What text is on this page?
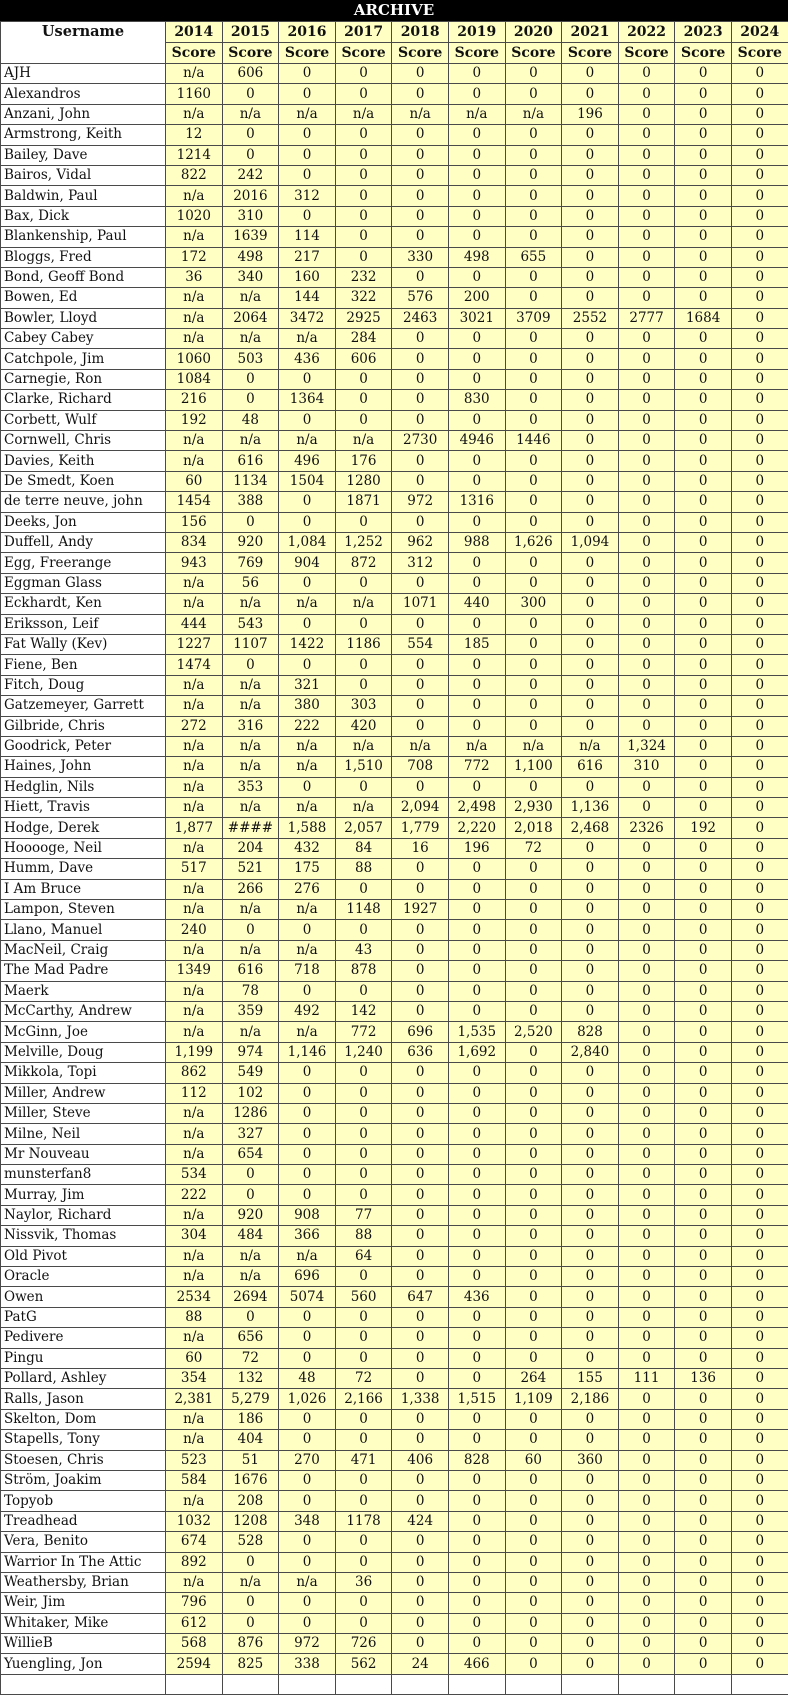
ARCHIVE
Username	2014	2015	2016	2017	2018	2019	2020	2021	2022	2023	2024
	Score	Score	Score	Score	Score	Score	Score	Score	Score	Score	Score
AJH	n/a	606	0	0	0	0	0	0	0	0	0
Alexandros	1160	0	0	0	0	0	0	0	0	0	0
Anzani, John	n/a	n/a	n/a	n/a	n/a	n/a	n/a	196	0	0	0
Armstrong, Keith	12	0	0	0	0	0	0	0	0	0	0
Bailey, Dave	1214	0	0	0	0	0	0	0	0	0	0
Bairos, Vidal	822	242	0	0	0	0	0	0	0	0	0
Baldwin, Paul	n/a	2016	312	0	0	0	0	0	0	0	0
Bax, Dick	1020	310	0	0	0	0	0	0	0	0	0
Blankenship, Paul	n/a	1639	114	0	0	0	0	0	0	0	0
Bloggs, Fred	172	498	217	0	330	498	655	0	0	0	0
Bond, Geoff Bond	36	340	160	232	0	0	0	0	0	0	0
Bowen, Ed	n/a	n/a	144	322	576	200	0	0	0	0	0
Bowler, Lloyd	n/a	2064	3472	2925	2463	3021	3709	2552	2777	1684	0
Cabey Cabey	n/a	n/a	n/a	284	0	0	0	0	0	0	0
Catchpole, Jim	1060	503	436	606	0	0	0	0	0	0	0
Carnegie, Ron	1084	0	0	0	0	0	0	0	0	0	0
Clarke, Richard	216	0	1364	0	0	830	0	0	0	0	0
Corbett, Wulf	192	48	0	0	0	0	0	0	0	0	0
Cornwell, Chris	n/a	n/a	n/a	n/a	2730	4946	1446	0	0	0	0
Davies, Keith	n/a	616	496	176	0	0	0	0	0	0	0
De Smedt, Koen	60	1134	1504	1280	0	0	0	0	0	0	0
de terre neuve, john	1454	388	0	1871	972	1316	0	0	0	0	0
Deeks, Jon	156	0	0	0	0	0	0	0	0	0	0
Duffell, Andy	834	920	1,084	1,252	962	988	1,626	1,094	0	0	0
Egg, Freerange	943	769	904	872	312	0	0	0	0	0	0
Eggman Glass	n/a	56	0	0	0	0	0	0	0	0	0
Eckhardt, Ken	n/a	n/a	n/a	n/a	1071	440	300	0	0	0	0
Eriksson, Leif	444	543	0	0	0	0	0	0	0	0	0
Fat Wally (Kev)	1227	1107	1422	1186	554	185	0	0	0	0	0
Fiene, Ben	1474	0	0	0	0	0	0	0	0	0	0
Fitch, Doug	n/a	n/a	321	0	0	0	0	0	0	0	0
Gatzemeyer, Garrett	n/a	n/a	380	303	0	0	0	0	0	0	0
Gilbride, Chris	272	316	222	420	0	0	0	0	0	0	0
Goodrick, Peter	n/a	n/a	n/a	n/a	n/a	n/a	n/a	n/a	1,324	0	0
Haines, John	n/a	n/a	n/a	1,510	708	772	1,100	616	310	0	0
Hedglin, Nils	n/a	353	0	0	0	0	0	0	0	0	0
Hiett, Travis	n/a	n/a	n/a	n/a	2,094	2,498	2,930	1,136	0	0	0
Hodge, Derek	1,877	####	1,588	2,057	1,779	2,220	2,018	2,468	2326	192	0
Hooooge, Neil	n/a	204	432	84	16	196	72	0	0	0	0
Humm, Dave	517	521	175	88	0	0	0	0	0	0	0
I Am Bruce	n/a	266	276	0	0	0	0	0	0	0	0
Lampon, Steven	n/a	n/a	n/a	1148	1927	0	0	0	0	0	0
Llano, Manuel	240	0	0	0	0	0	0	0	0	0	0
MacNeil, Craig	n/a	n/a	n/a	43	0	0	0	0	0	0	0
The Mad Padre	1349	616	718	878	0	0	0	0	0	0	0
Maerk	n/a	78	0	0	0	0	0	0	0	0	0
McCarthy, Andrew	n/a	359	492	142	0	0	0	0	0	0	0
McGinn, Joe	n/a	n/a	n/a	772	696	1,535	2,520	828	0	0	0
Melville, Doug	1,199	974	1,146	1,240	636	1,692	0	2,840	0	0	0
Mikkola, Topi	862	549	0	0	0	0	0	0	0	0	0
Miller, Andrew	112	102	0	0	0	0	0	0	0	0	0
Miller, Steve	n/a	1286	0	0	0	0	0	0	0	0	0
Milne, Neil	n/a	327	0	0	0	0	0	0	0	0	0
Mr Nouveau	n/a	654	0	0	0	0	0	0	0	0	0
munsterfan8	534	0	0	0	0	0	0	0	0	0	0
Murray, Jim	222	0	0	0	0	0	0	0	0	0	0
Naylor, Richard	n/a	920	908	77	0	0	0	0	0	0	0
Nissvik, Thomas	304	484	366	88	0	0	0	0	0	0	0
Old Pivot	n/a	n/a	n/a	64	0	0	0	0	0	0	0
Oracle	n/a	n/a	696	0	0	0	0	0	0	0	0
Owen	2534	2694	5074	560	647	436	0	0	0	0	0
PatG	88	0	0	0	0	0	0	0	0	0	0
Pedivere	n/a	656	0	0	0	0	0	0	0	0	0
Pingu	60	72	0	0	0	0	0	0	0	0	0
Pollard, Ashley	354	132	48	72	0	0	264	155	111	136	0
Ralls, Jason	2,381	5,279	1,026	2,166	1,338	1,515	1,109	2,186	0	0	0
Skelton, Dom	n/a	186	0	0	0	0	0	0	0	0	0
Stapells, Tony	n/a	404	0	0	0	0	0	0	0	0	0
Stoesen, Chris	523	51	270	471	406	828	60	360	0	0	0
Ström, Joakim	584	1676	0	0	0	0	0	0	0	0	0
Topyob	n/a	208	0	0	0	0	0	0	0	0	0
Treadhead	1032	1208	348	1178	424	0	0	0	0	0	0
Vera, Benito	674	528	0	0	0	0	0	0	0	0	0
Warrior In The Attic	892	0	0	0	0	0	0	0	0	0	0
Weathersby, Brian	n/a	n/a	n/a	36	0	0	0	0	0	0	0
Weir, Jim	796	0	0	0	0	0	0	0	0	0	0
Whitaker, Mike	612	0	0	0	0	0	0	0	0	0	0
WillieB	568	876	972	726	0	0	0	0	0	0	0
Yuengling, Jon	2594	825	338	562	24	466	0	0	0	0	0
